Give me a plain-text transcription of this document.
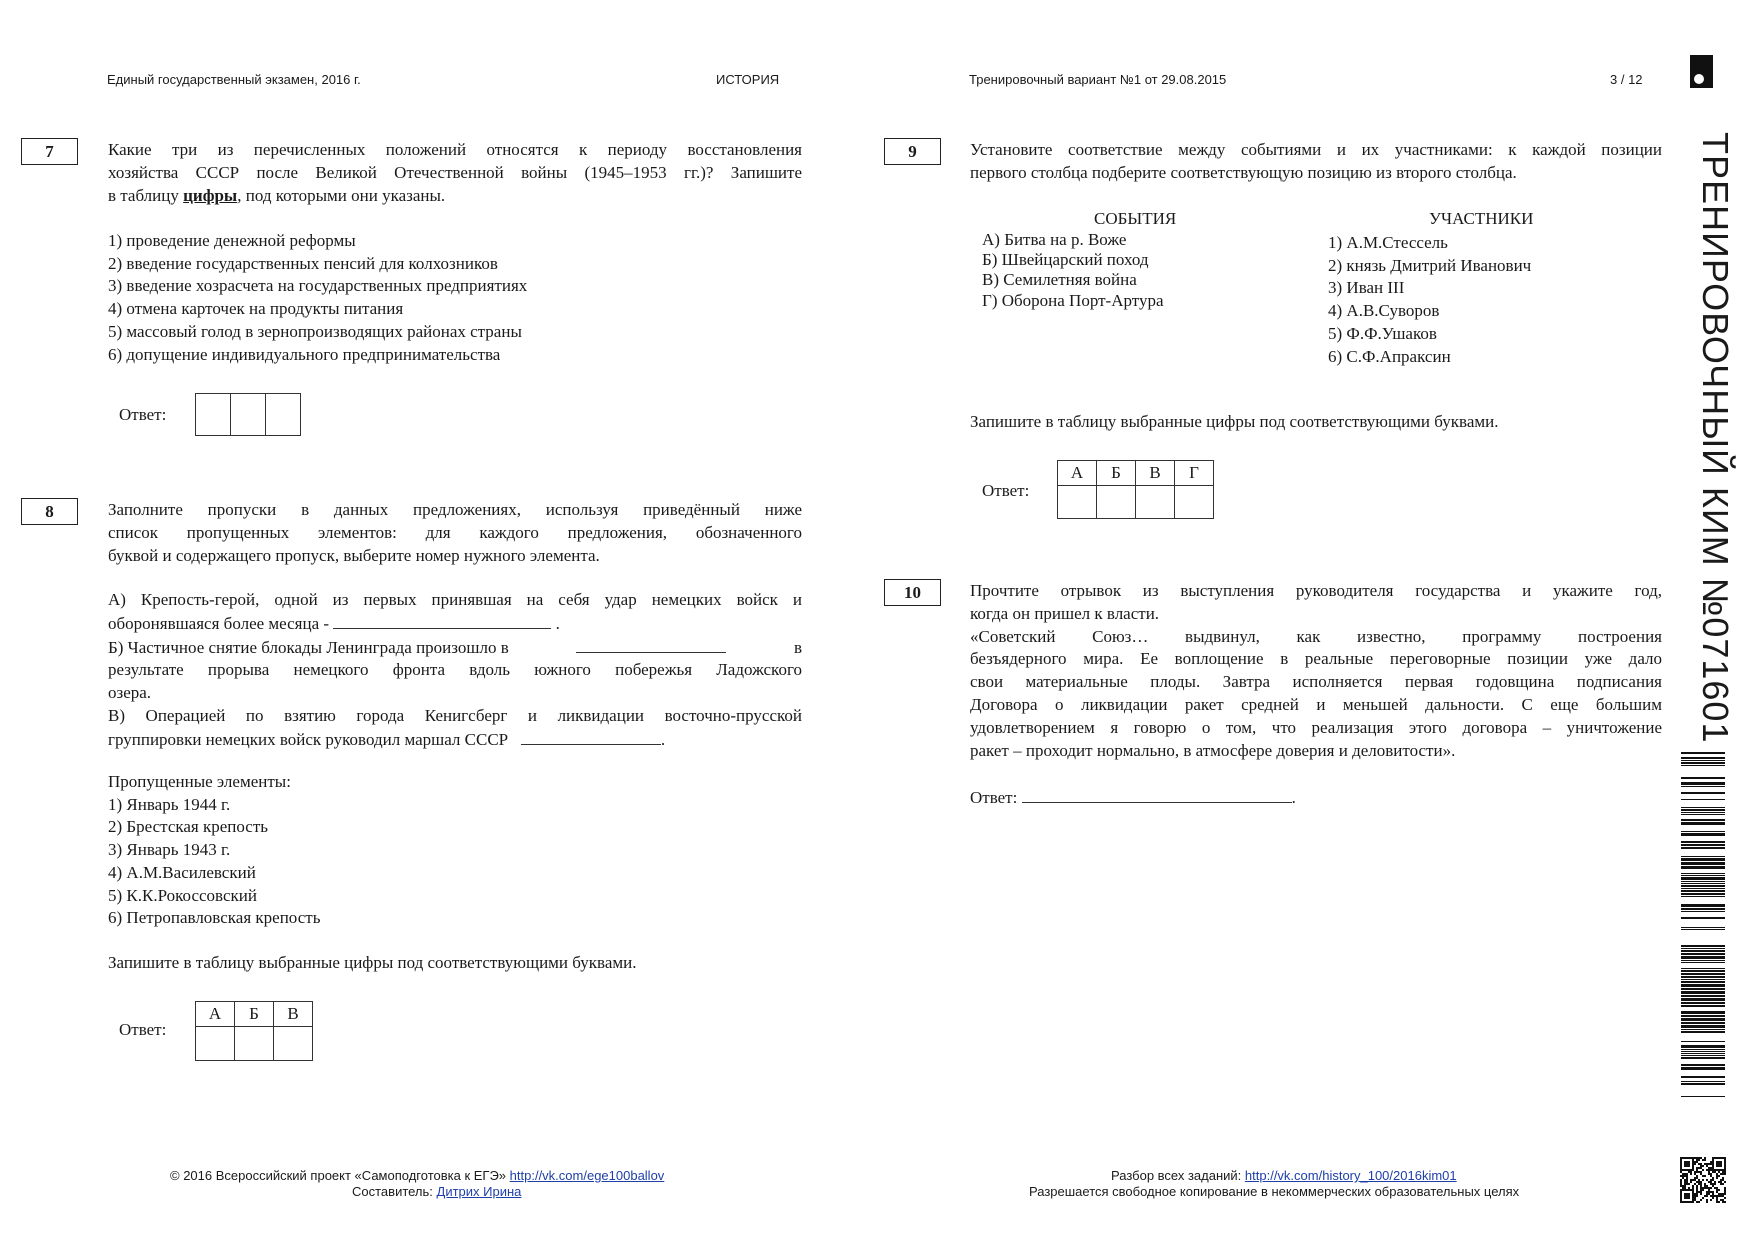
Единый государственный экзамен, 2016 г.	ИСТОРИЯ	Тренировочный вариант №1 от 29.08.2015	3 / 12
ТРЕНИРОВОЧНЫЙ КИМ №071601
7	Какие три из перечисленных положений относятся к периоду восстановления
хозяйства СССР после Великой Отечественной войны (1945–1953 гг.)? Запишите
в таблицу цифры, под которыми они указаны.
1) проведение денежной реформы
2) введение государственных пенсий для колхозников
3) введение хозрасчета на государственных предприятиях
4) отмена карточек на продукты питания
5) массовый голод в зернопроизводящих районах страны
6) допущение индивидуального предпринимательства
Ответ:

8	Заполните пропуски в данных предложениях, используя приведённый ниже
список пропущенных элементов: для каждого предложения, обозначенного
буквой и содержащего пропуск, выберите номер нужного элемента.
А) Крепость-герой, одной из первых принявшая на себя удар немецких войск и
оборонявшаяся более месяца -	.
Б) Частичное снятие блокады Ленинграда произошло в	в
результате прорыва немецкого фронта вдоль южного побережья Ладожского
озера.
В) Операцией по взятию города Кенигсберг и ликвидации восточно-прусской
группировки немецких войск руководил маршал СССР	.
Пропущенные элементы:
1) Январь 1944 г.
2) Брестская крепость
3) Январь 1943 г.
4) А.М.Василевский
5) К.К.Рокоссовский
6) Петропавловская крепость
Запишите в таблицу выбранные цифры под соответствующими буквами.
Ответ:
А	Б	В

9	Установите соответствие между событиями и их участниками: к каждой позиции
первого столбца подберите соответствующую позицию из второго столбца.
СОБЫТИЯ
А) Битва на р. Воже
Б) Швейцарский поход
В) Семилетняя война
Г) Оборона Порт-Артура
УЧАСТНИКИ
1) А.М.Стессель
2) князь Дмитрий Иванович
3) Иван III
4) А.В.Суворов
5) Ф.Ф.Ушаков
6) С.Ф.Апраксин
Запишите в таблицу выбранные цифры под соответствующими буквами.
Ответ:
А	Б	В	Г

10	Прочтите отрывок из выступления руководителя государства и укажите год,
когда он пришел к власти.
«Советский Союз… выдвинул, как известно, программу построения
безъядерного мира. Ее воплощение в реальные переговорные позиции уже дало
свои материальные плоды. Завтра исполняется первая годовщина подписания
Договора о ликвидации ракет средней и меньшей дальности. С еще большим
удовлетворением я говорю о том, что реализация этого договора – уничтожение
ракет – проходит нормально, в атмосфере доверия и деловитости».
Ответ:	.
© 2016 Всероссийский проект «Самоподготовка к ЕГЭ» http://vk.com/ege100ballov
Составитель: Дитрих Ирина
Разбор всех заданий: http://vk.com/history_100/2016kim01
Разрешается свободное копирование в некоммерческих образовательных целях
